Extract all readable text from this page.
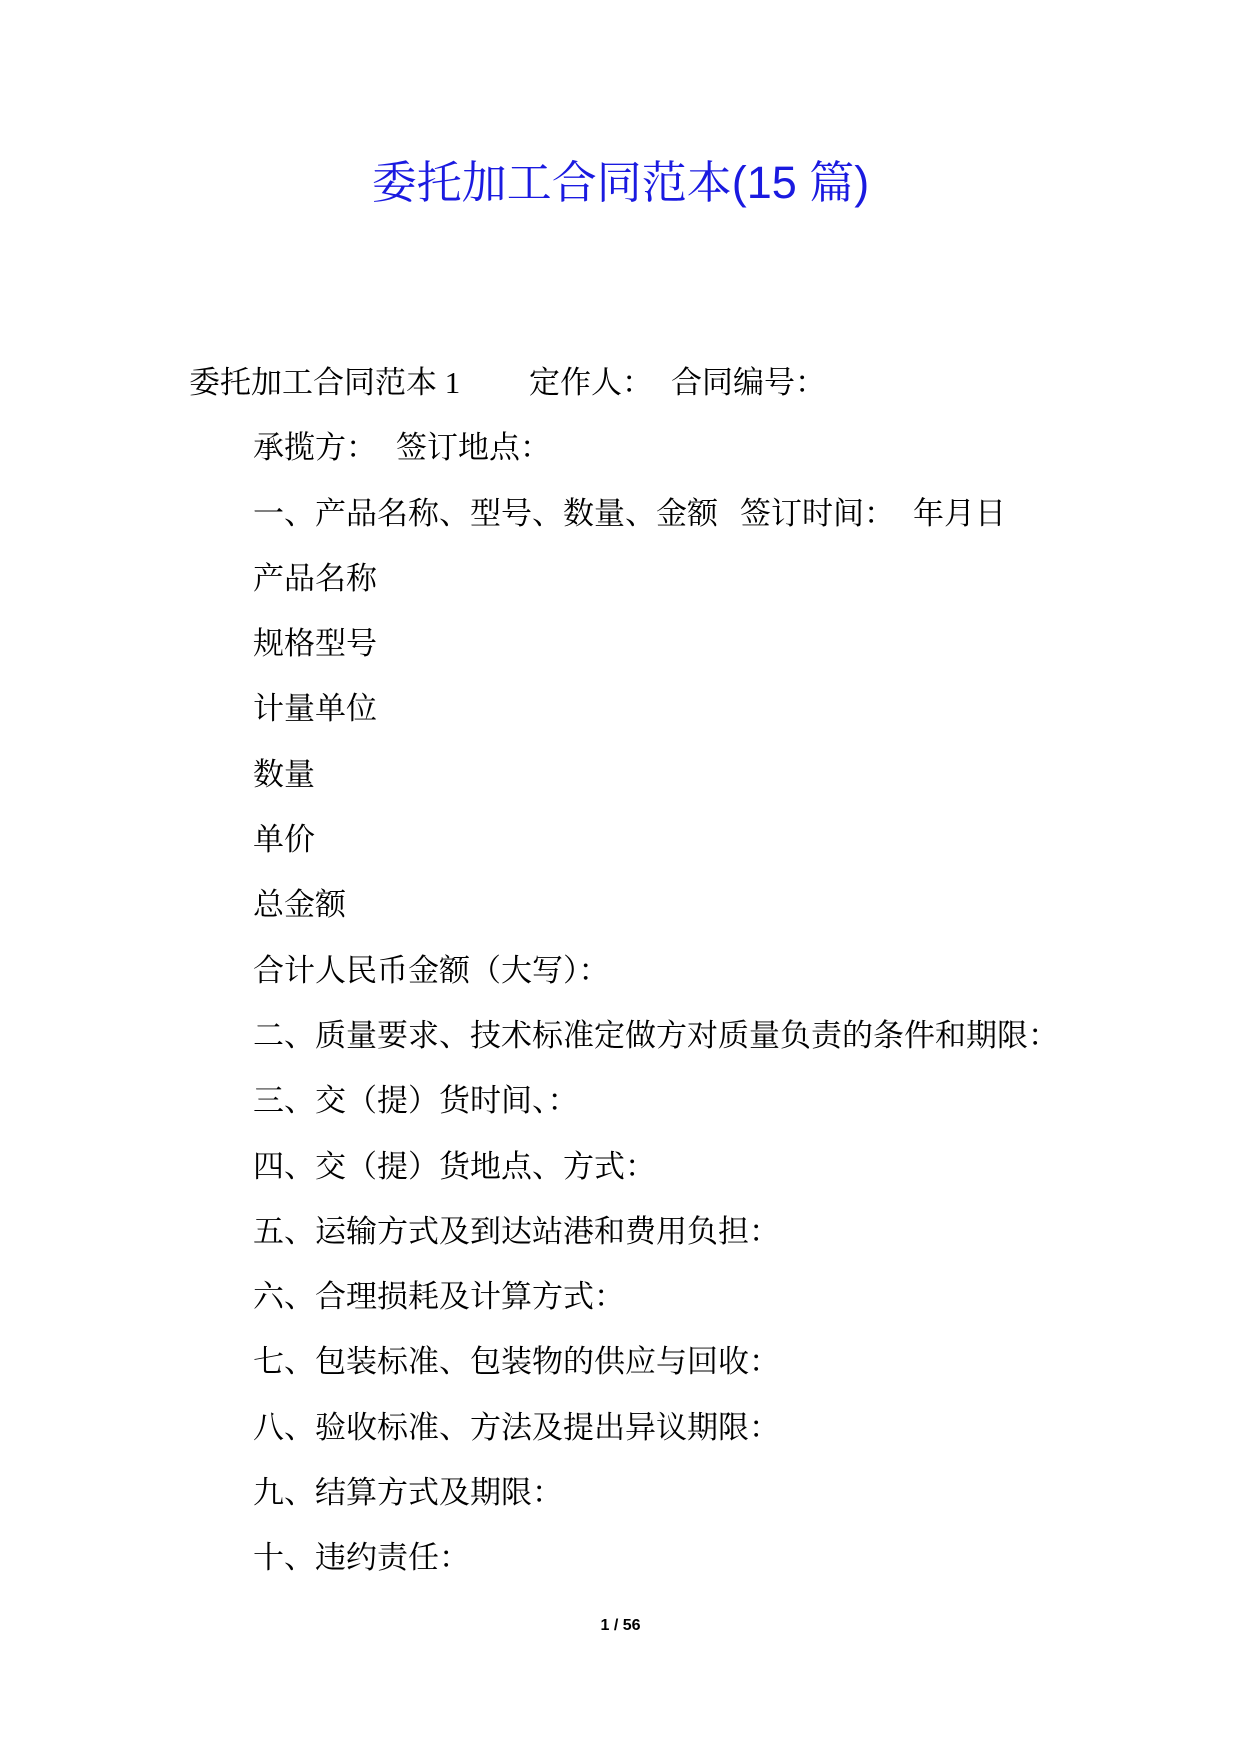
委托加工合同范本(15 篇)
委托加工合同范本 1 定作人： 合同编号：
承揽方： 签订地点：
一、产品名称、型号、数量、金额 签订时间： 年月日
产品名称
规格型号
计量单位
数量
单价
总金额
合计人民币金额（大写）：
二、质量要求、技术标准定做方对质量负责的条件和期限：
三、交（提）货时间、：
四、交（提）货地点、方式：
五、运输方式及到达站港和费用负担：
六、合理损耗及计算方式：
七、包装标准、包装物的供应与回收：
八、验收标准、方法及提出异议期限：
九、结算方式及期限：
十、违约责任：
1 / 56
